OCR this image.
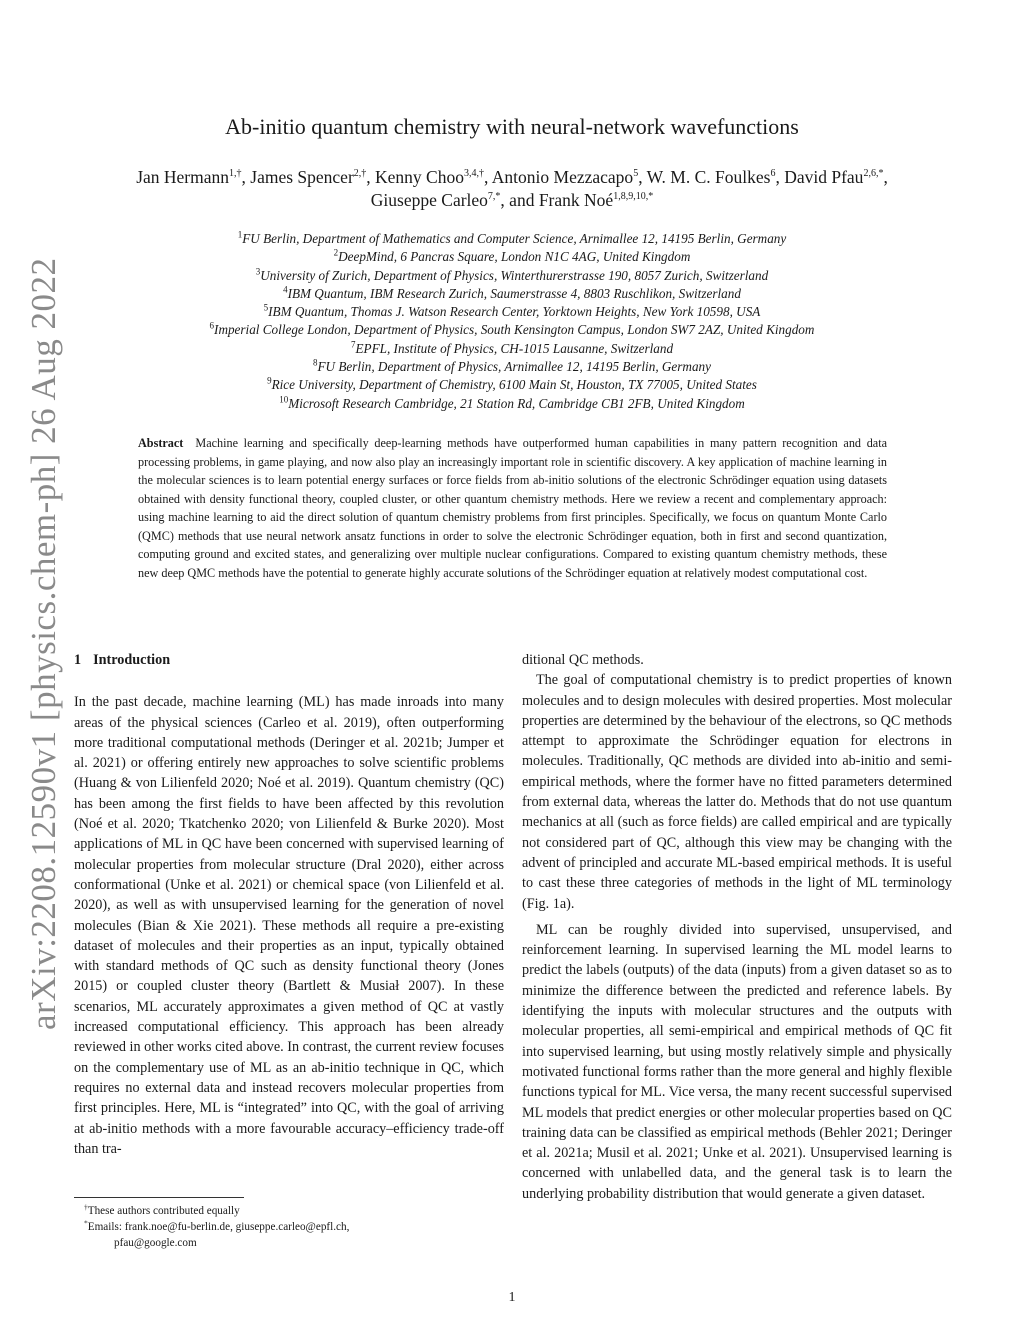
arXiv:2208.12590v1 [physics.chem-ph] 26 Aug 2022
Ab-initio quantum chemistry with neural-network wavefunctions
Jan Hermann$^{1,\dagger}$, James Spencer$^{2,\dagger}$, Kenny Choo$^{3,4,\dagger}$, Antonio Mezzacapo$^5$, W. M. C. Foulkes$^6$, David Pfau$^{2,6,*}$,
Giuseppe Carleo$^{7,*}$, and Frank Noé$^{1,8,9,10,*}$
$^1$FU Berlin, Department of Mathematics and Computer Science, Arnimallee 12, 14195 Berlin, Germany
$^2$DeepMind, 6 Pancras Square, London N1C 4AG, United Kingdom
$^3$University of Zurich, Department of Physics, Winterthurerstrasse 190, 8057 Zurich, Switzerland
$^4$IBM Quantum, IBM Research Zurich, Saumerstrasse 4, 8803 Ruschlikon, Switzerland
$^5$IBM Quantum, Thomas J. Watson Research Center, Yorktown Heights, New York 10598, USA
$^6$Imperial College London, Department of Physics, South Kensington Campus, London SW7 2AZ, United Kingdom
$^7$EPFL, Institute of Physics, CH-1015 Lausanne, Switzerland
$^8$FU Berlin, Department of Physics, Arnimallee 12, 14195 Berlin, Germany
$^9$Rice University, Department of Chemistry, 6100 Main St, Houston, TX 77005, United States
$^{10}$Microsoft Research Cambridge, 21 Station Rd, Cambridge CB1 2FB, United Kingdom
Abstract Machine learning and specifically deep-learning methods have outperformed human capabilities in many pattern recognition and data processing problems, in game playing, and now also play an increasingly important role in scientific discovery. A key application of machine learning in the molecular sciences is to learn potential energy surfaces or force fields from ab-initio solutions of the electronic Schrödinger equation using datasets obtained with density functional theory, coupled cluster, or other quantum chemistry methods. Here we review a recent and complementary approach: using machine learning to aid the direct solution of quantum chemistry problems from first principles. Specifically, we focus on quantum Monte Carlo (QMC) methods that use neural network ansatz functions in order to solve the electronic Schrödinger equation, both in first and second quantization, computing ground and excited states, and generalizing over multiple nuclear configurations. Compared to existing quantum chemistry methods, these new deep QMC methods have the potential to generate highly accurate solutions of the Schrödinger equation at relatively modest computational cost.
1 Introduction

In the past decade, machine learning (ML) has made inroads into many areas of the physical sciences (Carleo et al. 2019), often outperforming more traditional computational methods (Deringer et al. 2021b; Jumper et al. 2021) or offering entirely new approaches to solve scientific problems (Huang & von Lilienfeld 2020; Noé et al. 2019). Quantum chemistry (QC) has been among the first fields to have been affected by this revolution (Noé et al. 2020; Tkatchenko 2020; von Lilienfeld & Burke 2020). Most applications of ML in QC have been concerned with supervised learning of molecular properties from molecular structure (Dral 2020), either across conformational (Unke et al. 2021) or chemical space (von Lilienfeld et al. 2020), as well as with unsupervised learning for the generation of novel molecules (Bian & Xie 2021). These methods all require a pre-existing dataset of molecules and their properties as an input, typically obtained with standard methods of QC such as density functional theory (Jones 2015) or coupled cluster theory (Bartlett & Musiał 2007). In these scenarios, ML accurately approximates a given method of QC at vastly increased computational efficiency. This approach has been already reviewed in other works cited above. In contrast, the current review focuses on the complementary use of ML as an ab-initio technique in QC, which requires no external data and instead recovers molecular properties from first principles. Here, ML is “integrated” into QC, with the goal of arriving at ab-initio methods with a more favourable accuracy–efficiency trade-off than tra-

ditional QC methods.

The goal of computational chemistry is to predict properties of known molecules and to design molecules with desired properties. Most molecular properties are determined by the behaviour of the electrons, so QC methods attempt to approximate the Schrödinger equation for electrons in molecules. Traditionally, QC methods are divided into ab-initio and semi-empirical methods, where the former have no fitted parameters determined from external data, whereas the latter do. Methods that do not use quantum mechanics at all (such as force fields) are called empirical and are typically not considered part of QC, although this view may be changing with the advent of principled and accurate ML-based empirical methods. It is useful to cast these three categories of methods in the light of ML terminology (Fig. 1a).

ML can be roughly divided into supervised, unsupervised, and reinforcement learning. In supervised learning the ML model learns to predict the labels (outputs) of the data (inputs) from a given dataset so as to minimize the difference between the predicted and reference labels. By identifying the inputs with molecular structures and the outputs with molecular properties, all semi-empirical and empirical methods of QC fit into supervised learning, but using mostly relatively simple and physically motivated functional forms rather than the more general and highly flexible functions typical for ML. Vice versa, the many recent successful supervised ML models that predict energies or other molecular properties based on QC training data can be classified as empirical methods (Behler 2021; Deringer et al. 2021a; Musil et al. 2021; Unke et al. 2021). Unsupervised learning is concerned with unlabelled data, and the general task is to learn the underlying probability distribution that would generate a given dataset.

†These authors contributed equally
*Emails: frank.noe@fu-berlin.de, giuseppe.carleo@epfl.ch,
pfau@google.com
1
